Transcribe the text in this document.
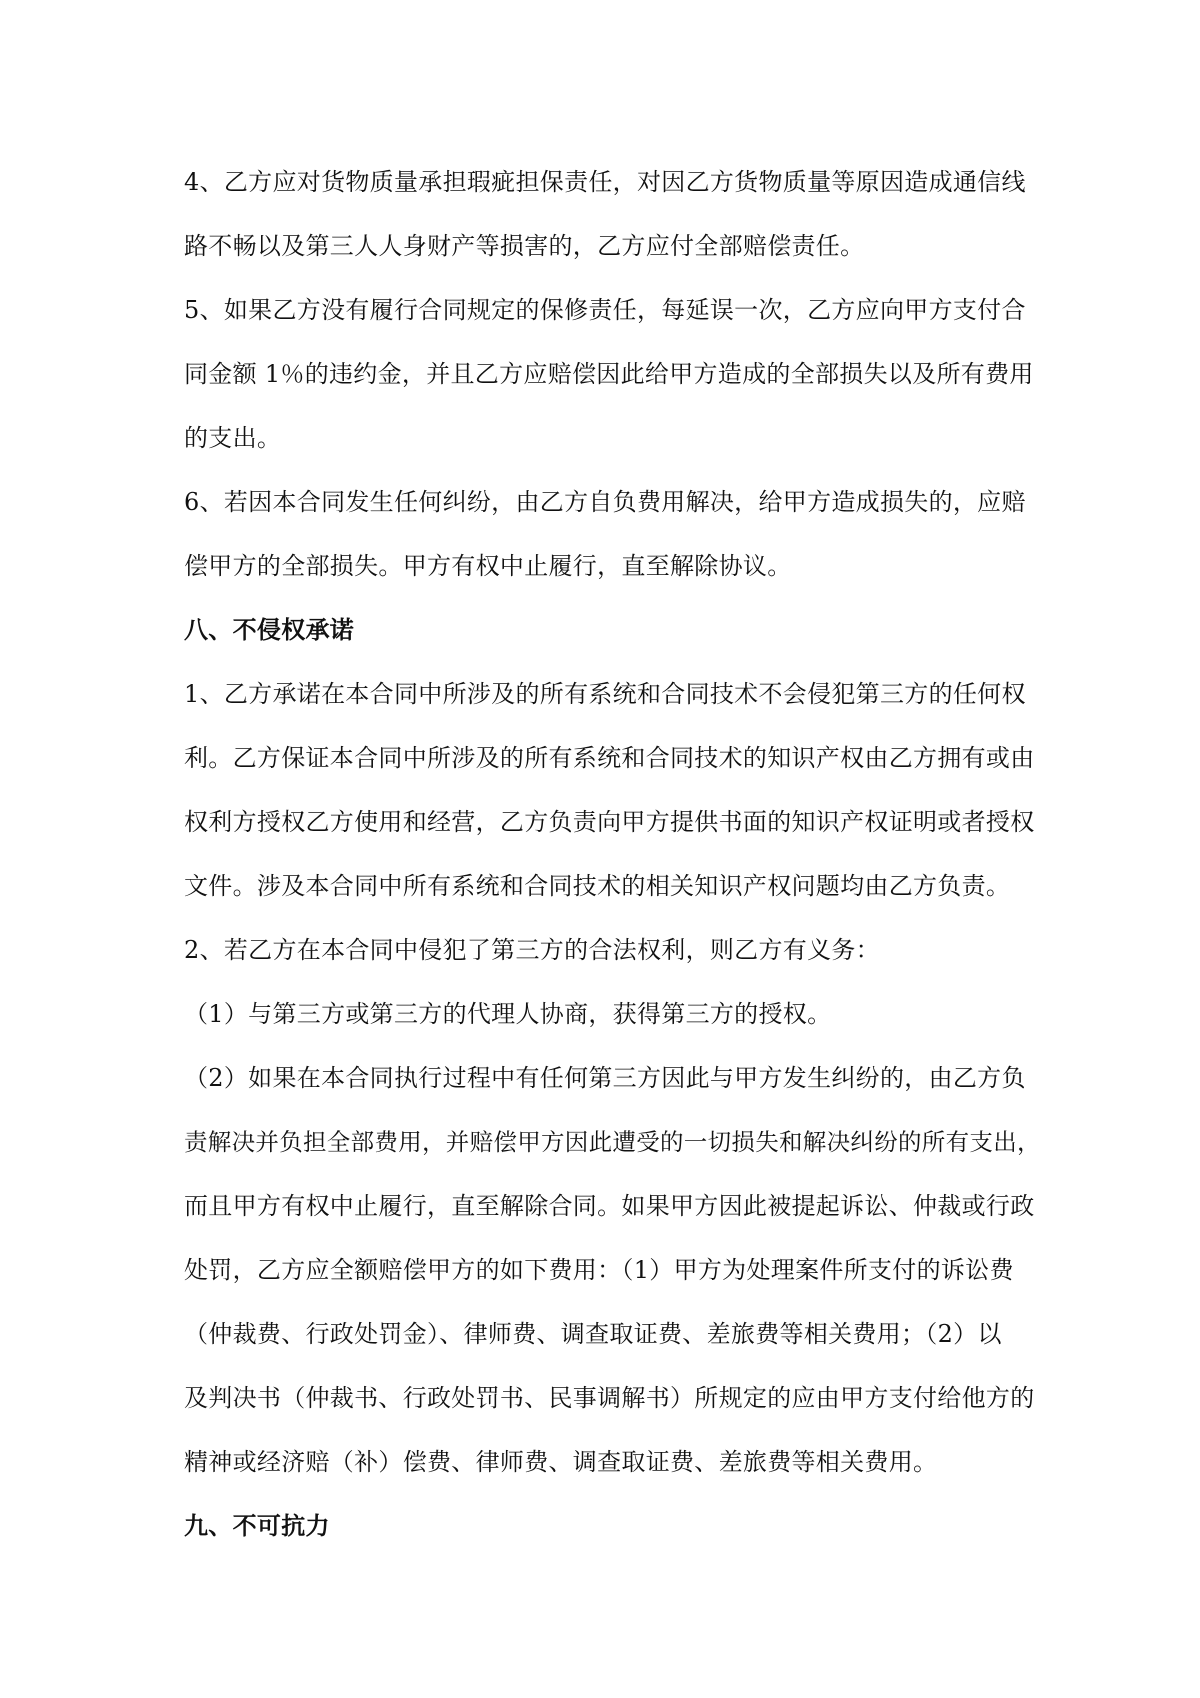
4、乙方应对货物质量承担瑕疵担保责任，对因乙方货物质量等原因造成通信线
路不畅以及第三人人身财产等损害的，乙方应付全部赔偿责任。
5、如果乙方没有履行合同规定的保修责任，每延误一次，乙方应向甲方支付合
同金额 1％的违约金，并且乙方应赔偿因此给甲方造成的全部损失以及所有费用
的支出。
6、若因本合同发生任何纠纷，由乙方自负费用解决，给甲方造成损失的，应赔
偿甲方的全部损失。甲方有权中止履行，直至解除协议。
八、不侵权承诺
1、乙方承诺在本合同中所涉及的所有系统和合同技术不会侵犯第三方的任何权
利。乙方保证本合同中所涉及的所有系统和合同技术的知识产权由乙方拥有或由
权利方授权乙方使用和经营，乙方负责向甲方提供书面的知识产权证明或者授权
文件。涉及本合同中所有系统和合同技术的相关知识产权问题均由乙方负责。
2、若乙方在本合同中侵犯了第三方的合法权利，则乙方有义务：
（1）与第三方或第三方的代理人协商，获得第三方的授权。
（2）如果在本合同执行过程中有任何第三方因此与甲方发生纠纷的，由乙方负
责解决并负担全部费用，并赔偿甲方因此遭受的一切损失和解决纠纷的所有支出，
而且甲方有权中止履行，直至解除合同。如果甲方因此被提起诉讼、仲裁或行政
处罚，乙方应全额赔偿甲方的如下费用：（1）甲方为处理案件所支付的诉讼费
（仲裁费、行政处罚金）、律师费、调查取证费、差旅费等相关费用；（2）以
及判决书（仲裁书、行政处罚书、民事调解书）所规定的应由甲方支付给他方的
精神或经济赔（补）偿费、律师费、调查取证费、差旅费等相关费用。
九、不可抗力
